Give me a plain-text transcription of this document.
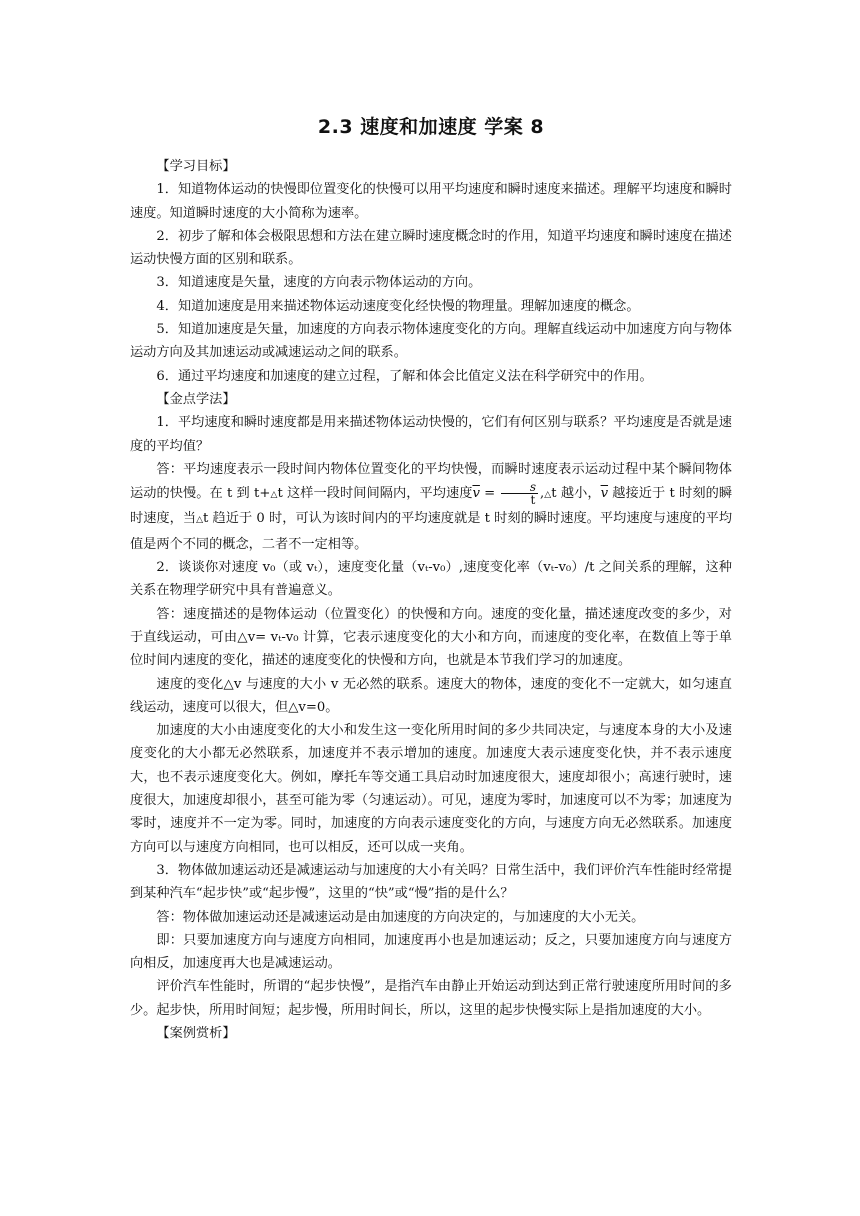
2.3 速度和加速度 学案 8

【学习目标】

1．知道物体运动的快慢即位置变化的快慢可以用平均速度和瞬时速度来描述。理解平均速度和瞬时速度。知道瞬时速度的大小简称为速率。

2．初步了解和体会极限思想和方法在建立瞬时速度概念时的作用，知道平均速度和瞬时速度在描述运动快慢方面的区别和联系。

3．知道速度是矢量，速度的方向表示物体运动的方向。

4．知道加速度是用来描述物体运动速度变化经快慢的物理量。理解加速度的概念。

5．知道加速度是矢量，加速度的方向表示物体速度变化的方向。理解直线运动中加速度方向与物体运动方向及其加速运动或减速运动之间的联系。

6．通过平均速度和加速度的建立过程，了解和体会比值定义法在科学研究中的作用。

【金点学法】

1．平均速度和瞬时速度都是用来描述物体运动快慢的，它们有何区别与联系？平均速度是否就是速度的平均值？

答：平均速度表示一段时间内物体位置变化的平均快慢，而瞬时速度表示运动过程中某个瞬间物体运动的快慢。在 t 到 t+△t 这样一段时间间隔内，平均速度$\overline{v} = \frac{s}{t}$ ,△t 越小，$\overline{v}$ 越接近于 t 时刻的瞬时速度，当△t 趋近于 0 时，可认为该时间内的平均速度就是 t 时刻的瞬时速度。平均速度与速度的平均值是两个不同的概念，二者不一定相等。

2．谈谈你对速度 v₀（或 vₜ），速度变化量（vₜ-v₀）,速度变化率（vₜ-v₀）/t 之间关系的理解，这种关系在物理学研究中具有普遍意义。

答：速度描述的是物体运动（位置变化）的快慢和方向。速度的变化量，描述速度改变的多少，对于直线运动，可由△v= vₜ-v₀ 计算，它表示速度变化的大小和方向，而速度的变化率，在数值上等于单位时间内速度的变化，描述的速度变化的快慢和方向，也就是本节我们学习的加速度。

速度的变化△v 与速度的大小 v 无必然的联系。速度大的物体，速度的变化不一定就大，如匀速直线运动，速度可以很大，但△v=0。

加速度的大小由速度变化的大小和发生这一变化所用时间的多少共同决定，与速度本身的大小及速度变化的大小都无必然联系，加速度并不表示增加的速度。加速度大表示速度变化快，并不表示速度大，也不表示速度变化大。例如，摩托车等交通工具启动时加速度很大，速度却很小；高速行驶时，速度很大，加速度却很小，甚至可能为零（匀速运动）。可见，速度为零时，加速度可以不为零；加速度为零时，速度并不一定为零。同时，加速度的方向表示速度变化的方向，与速度方向无必然联系。加速度方向可以与速度方向相同，也可以相反，还可以成一夹角。

3．物体做加速运动还是减速运动与加速度的大小有关吗？日常生活中，我们评价汽车性能时经常提到某种汽车“起步快”或“起步慢”，这里的“快”或“慢”指的是什么？

答：物体做加速运动还是减速运动是由加速度的方向决定的，与加速度的大小无关。

即：只要加速度方向与速度方向相同，加速度再小也是加速运动；反之，只要加速度方向与速度方向相反，加速度再大也是减速运动。

评价汽车性能时，所谓的“起步快慢”，是指汽车由静止开始运动到达到正常行驶速度所用时间的多少。起步快，所用时间短；起步慢，所用时间长，所以，这里的起步快慢实际上是指加速度的大小。

【案例赏析】
